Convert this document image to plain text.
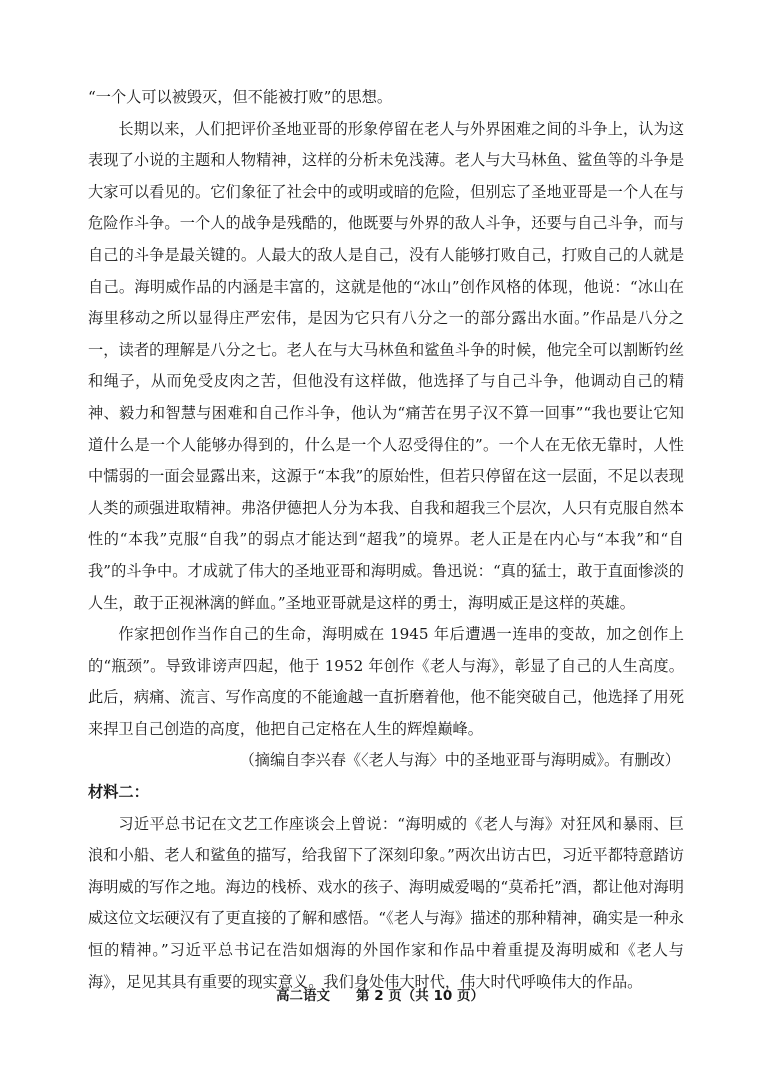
“一个人可以被毁灭，但不能被打败”的思想。

长期以来，人们把评价圣地亚哥的形象停留在老人与外界困难之间的斗争上，认为这表现了小说的主题和人物精神，这样的分析未免浅薄。老人与大马林鱼、鲨鱼等的斗争是大家可以看见的。它们象征了社会中的或明或暗的危险，但别忘了圣地亚哥是一个人在与危险作斗争。一个人的战争是残酷的，他既要与外界的敌人斗争，还要与自己斗争，而与自己的斗争是最关键的。人最大的敌人是自己，没有人能够打败自己，打败自己的人就是自己。海明威作品的内涵是丰富的，这就是他的“冰山”创作风格的体现，他说：“冰山在海里移动之所以显得庄严宏伟，是因为它只有八分之一的部分露出水面。”作品是八分之一，读者的理解是八分之七。老人在与大马林鱼和鲨鱼斗争的时候，他完全可以割断钓丝和绳子，从而免受皮肉之苦，但他没有这样做，他选择了与自己斗争，他调动自己的精神、毅力和智慧与困难和自己作斗争，他认为“痛苦在男子汉不算一回事”“我也要让它知道什么是一个人能够办得到的，什么是一个人忍受得住的”。一个人在无依无靠时，人性中懦弱的一面会显露出来，这源于“本我”的原始性，但若只停留在这一层面，不足以表现人类的顽强进取精神。弗洛伊德把人分为本我、自我和超我三个层次，人只有克服自然本性的“本我”克服“自我”的弱点才能达到“超我”的境界。老人正是在内心与“本我”和“自我”的斗争中。才成就了伟大的圣地亚哥和海明威。鲁迅说：“真的猛士，敢于直面惨淡的人生，敢于正视淋漓的鲜血。”圣地亚哥就是这样的勇士，海明威正是这样的英雄。

作家把创作当作自己的生命，海明威在 1945 年后遭遇一连串的变故，加之创作上的“瓶颈”。导致诽谤声四起，他于 1952 年创作《老人与海》，彰显了自己的人生高度。此后，病痛、流言、写作高度的不能逾越一直折磨着他，他不能突破自己，他选择了用死来捍卫自己创造的高度，他把自己定格在人生的辉煌巅峰。

（摘编自李兴春《〈老人与海〉中的圣地亚哥与海明威》。有删改）

材料二：

习近平总书记在文艺工作座谈会上曾说：“海明威的《老人与海》对狂风和暴雨、巨浪和小船、老人和鲨鱼的描写，给我留下了深刻印象。”两次出访古巴，习近平都特意踏访海明威的写作之地。海边的栈桥、戏水的孩子、海明威爱喝的“莫希托”酒，都让他对海明威这位文坛硬汉有了更直接的了解和感悟。“《老人与海》描述的那种精神，确实是一种永恒的精神。”习近平总书记在浩如烟海的外国作家和作品中着重提及海明威和《老人与海》，足见其具有重要的现实意义。我们身处伟大时代，伟大时代呼唤伟大的作品。

高二语文 第 2 页（共 10 页）
